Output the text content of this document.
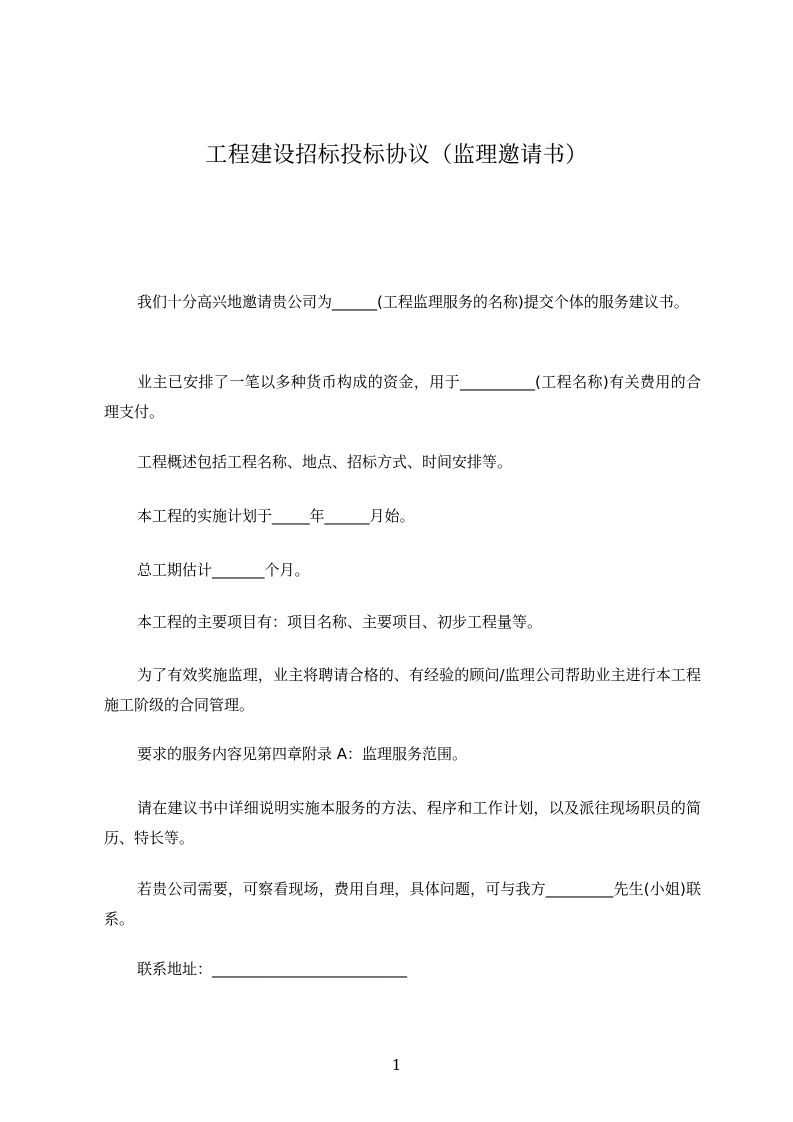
工程建设招标投标协议（监理邀请书）

我们十分高兴地邀请贵公司为______(工程监理服务的名称)提交个体的服务建议书。

业主已安排了一笔以多种货币构成的资金，用于__________(工程名称)有关费用的合理支付。

工程概述包括工程名称、地点、招标方式、时间安排等。

本工程的实施计划于_____年______月始。

总工期估计_______个月。

本工程的主要项目有：项目名称、主要项目、初步工程量等。

为了有效奖施监理，业主将聘请合格的、有经验的顾问/监理公司帮助业主进行本工程施工阶级的合同管理。

要求的服务内容见第四章附录 A：监理服务范围。

请在建议书中详细说明实施本服务的方法、程序和工作计划，以及派往现场职员的简历、特长等。

若贵公司需要，可察看现场，费用自理，具体问题，可与我方_________先生(小姐)联系。

联系地址：__________________________

1
